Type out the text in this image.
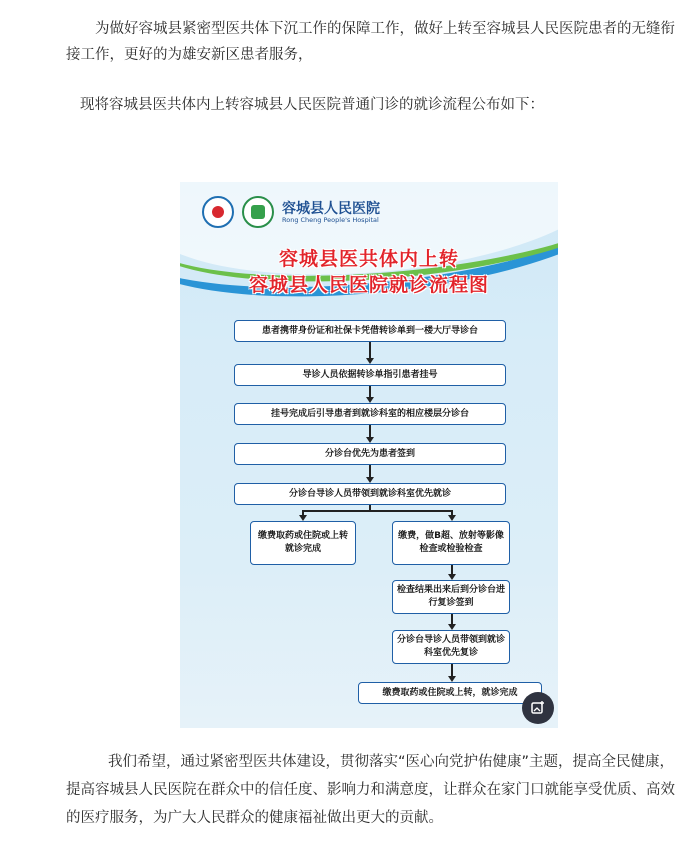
为做好容城县紧密型医共体下沉工作的保障工作，做好上转至容城县人民医院患者的无缝衔接工作，更好的为雄安新区患者服务，

现将容城县医共体内上转容城县人民医院普通门诊的就诊流程公布如下：

容城县人民医院
Rong Cheng People's Hospital
容城县医共体内上转
容城县人民医院就诊流程图
患者携带身份证和社保卡凭借转诊单到一楼大厅导诊台
导诊人员依据转诊单指引患者挂号
挂号完成后引导患者到就诊科室的相应楼层分诊台
分诊台优先为患者签到
分诊台导诊人员带领到就诊科室优先就诊
缴费取药或住院或上转就诊完成
缴费，做B超、放射等影像检查或检验检查
检查结果出来后到分诊台进行复诊签到
分诊台导诊人员带领到就诊科室优先复诊
缴费取药或住院或上转，就诊完成

我们希望，通过紧密型医共体建设，贯彻落实“医心向党护佑健康”主题，提高全民健康，提高容城县人民医院在群众中的信任度、影响力和满意度，让群众在家门口就能享受优质、高效的医疗服务，为广大人民群众的健康福祉做出更大的贡献。
